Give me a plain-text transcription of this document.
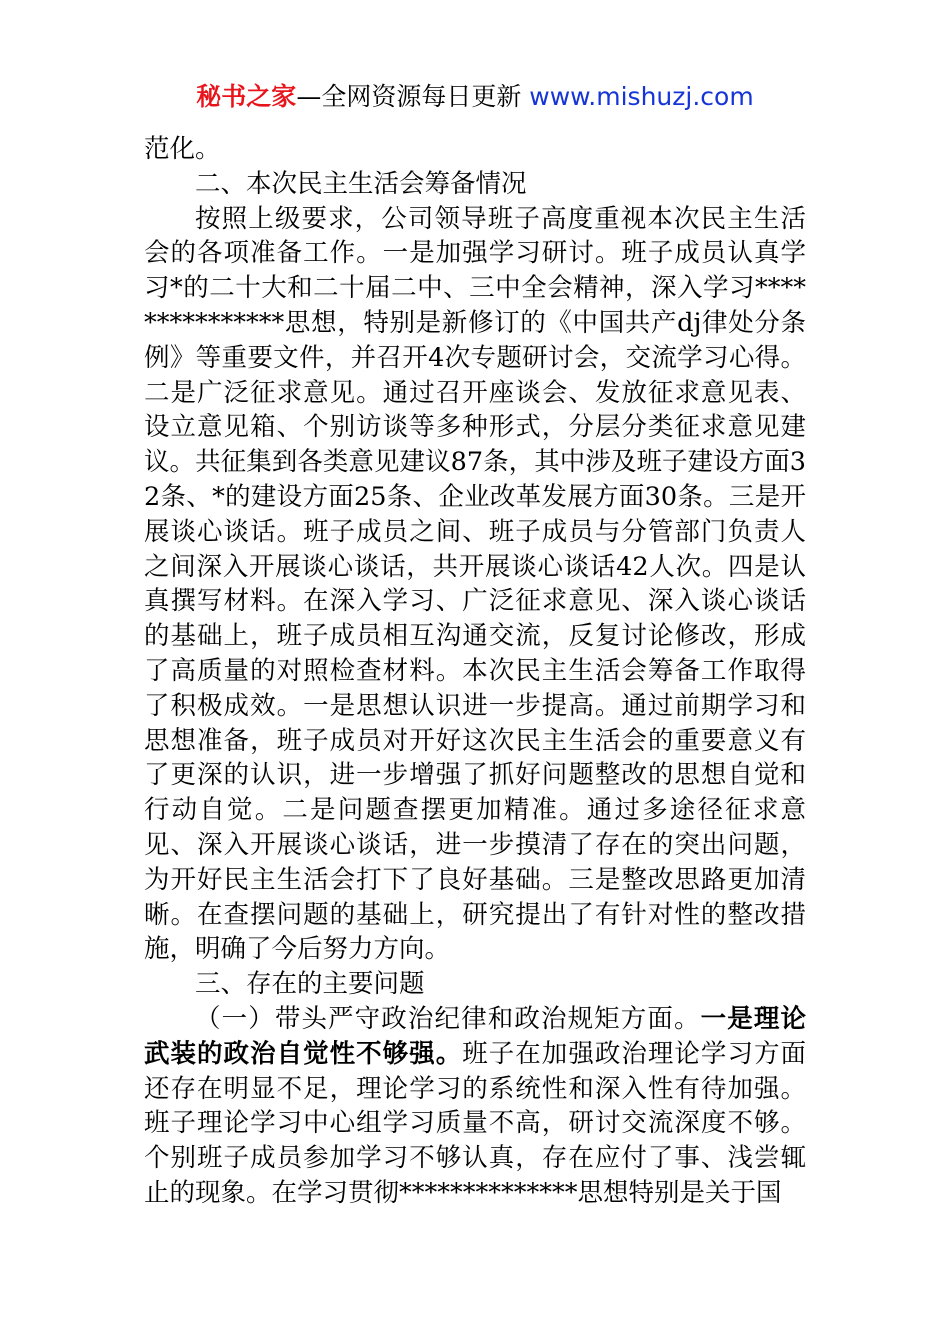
秘书之家—全网资源每日更新 www.mishuzj.com

范化。

二、本次民主生活会筹备情况

按照上级要求，公司领导班子高度重视本次民主生活会的各项准备工作。一是加强学习研讨。班子成员认真学习*的二十大和二十届二中、三中全会精神，深入学习***************思想，特别是新修订的《中国共产dj律处分条例》等重要文件，并召开4次专题研讨会，交流学习心得。二是广泛征求意见。通过召开座谈会、发放征求意见表、设立意见箱、个别访谈等多种形式，分层分类征求意见建议。共征集到各类意见建议87条，其中涉及班子建设方面32条、*的建设方面25条、企业改革发展方面30条。三是开展谈心谈话。班子成员之间、班子成员与分管部门负责人之间深入开展谈心谈话，共开展谈心谈话42人次。四是认真撰写材料。在深入学习、广泛征求意见、深入谈心谈话的基础上，班子成员相互沟通交流，反复讨论修改，形成了高质量的对照检查材料。本次民主生活会筹备工作取得了积极成效。一是思想认识进一步提高。通过前期学习和思想准备，班子成员对开好这次民主生活会的重要意义有了更深的认识，进一步增强了抓好问题整改的思想自觉和行动自觉。二是问题查摆更加精准。通过多途径征求意见、深入开展谈心谈话，进一步摸清了存在的突出问题，为开好民主生活会打下了良好基础。三是整改思路更加清晰。在查摆问题的基础上，研究提出了有针对性的整改措施，明确了今后努力方向。

三、存在的主要问题

（一）带头严守政治纪律和政治规矩方面。一是理论武装的政治自觉性不够强。班子在加强政治理论学习方面还存在明显不足，理论学习的系统性和深入性有待加强。班子理论学习中心组学习质量不高，研讨交流深度不够。个别班子成员参加学习不够认真，存在应付了事、浅尝辄止的现象。在学习贯彻**************思想特别是关于国
